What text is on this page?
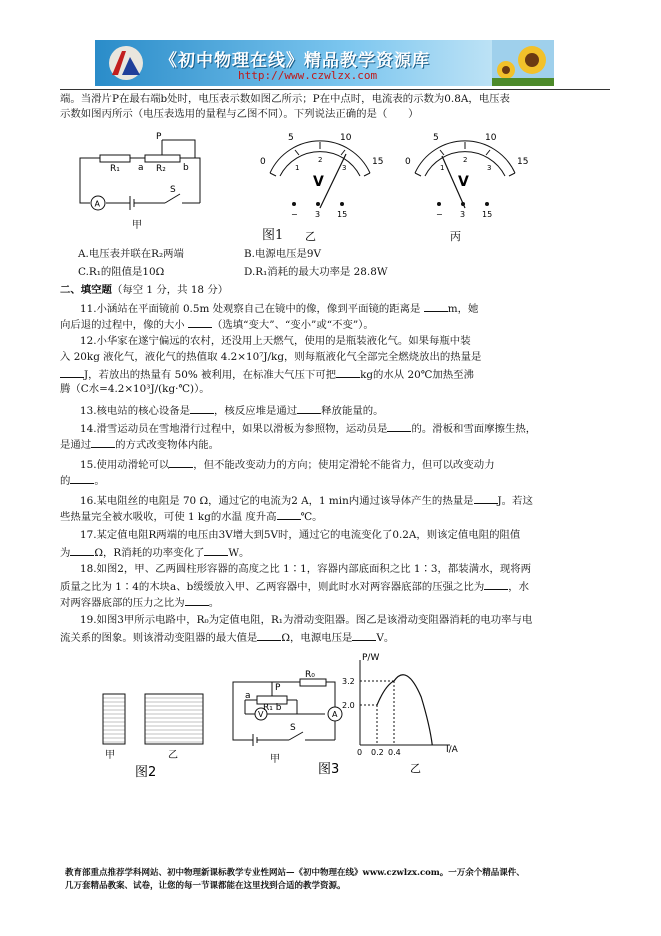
《初中物理在线》精品教学资源库
http://www.czwlzx.com
端。当滑片P在最右端b处时，电压表示数如图乙所示；P在中点时，电流表的示数为0.8A，电压表
示数如图丙所示（电压表选用的量程与乙图不同）。下列说法正确的是（　　）
P
R₁ a R₂ b
S
A
甲
0
5	10
15
1
2
3
V
− 3 15
乙
图1
0
5	10
15
1
2
3
V
− 3 15
丙
A.电压表并联在R₂两端	B.电源电压是9V
C.R₁的阻值是10Ω	D.R₁消耗的最大功率是 28.8W
二、填空题（每空 1 分，共 18 分）
11.小涵站在平面镜前 0.5m 处观察自己在镜中的像，像到平面镜的距离是	m，她
向后退的过程中，像的大小	（选填“变大”、“变小”或“不变”）。
12.小华家在遂宁偏远的农村，还没用上天燃气，使用的是瓶装液化气。如果每瓶中装
入 20kg 液化气，液化气的热值取 4.2×10⁷J/kg，则每瓶液化气全部完全燃烧放出的热量是
J，若放出的热量有 50% 被利用，在标准大气压下可把 kg的水从 20℃加热至沸
腾（C水=4.2×10³J/(kg·℃)）。
13.核电站的核心设备是 ，核反应堆是通过 释放能量的。
14.滑雪运动员在雪地滑行过程中，如果以滑板为参照物，运动员是 的。滑板和雪面摩擦生热，
是通过 的方式改变物体内能。
15.使用动滑轮可以 ，但不能改变动力的方向；使用定滑轮不能省力，但可以改变动力
的 。
16.某电阻丝的电阻是 70 Ω，通过它的电流为2 A，1 min内通过该导体产生的热量是 J。若这
些热量完全被水吸收，可使 1 kg的水温 度升高 ℃。
17.某定值电阻R两端的电压由3V增大到5V时，通过它的电流变化了0.2A，则该定值电阻的阻值
为 Ω，R消耗的功率变化了 W。
18.如图2，甲、乙两圆柱形容器的高度之比 1∶1，容器内部底面积之比 1∶3，都装满水，现将两
质量之比为 1∶4的木块a、b缓缓放入甲、乙两容器中，则此时水对两容器底部的压强之比为 ，水
对两容器底部的压力之比为 。
19.如图3甲所示电路中，R₀为定值电阻，R₁为滑动变阻器。图乙是该滑动变阻器消耗的电功率与电
流关系的图象。则该滑动变阻器的最大值是 Ω，电源电压是 V。
甲	乙
图2
P
R₁ b
a
R₀
V	A
S
甲
图3
P/W
I/A
2.0
3.2
0 0.2 0.4
乙
教育部重点推荐学科网站、初中物理新课标教学专业性网站—《初中物理在线》www.czwlzx.com。一万余个精品课件、
几万套精品教案、试卷，让您的每一节课都能在这里找到合适的教学资源。
